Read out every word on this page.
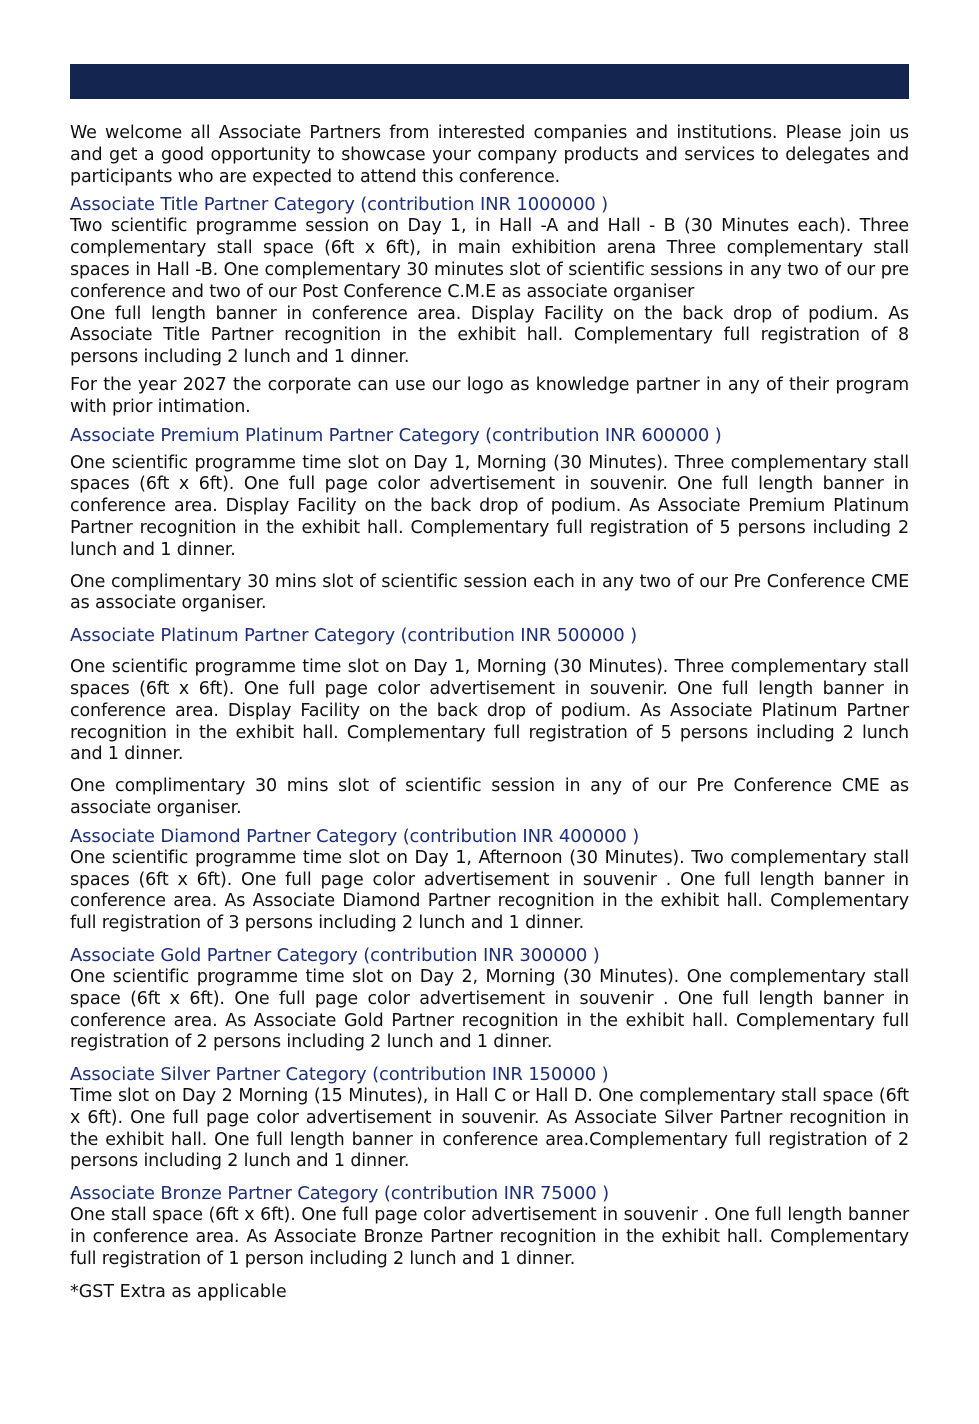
We welcome all Associate Partners from interested companies and institutions. Please join us and get a good opportunity to showcase your company products and services to delegates and participants who are expected to attend this conference.

Associate Title Partner Category (contribution INR 1000000 )

Two scientific programme session on Day 1, in Hall -A and Hall - B (30 Minutes each). Three complementary stall space (6ft x 6ft), in main exhibition arena Three complementary stall spaces in Hall -B. One complementary 30 minutes slot of scientific sessions in any two of our pre conference and two of our Post Conference C.M.E as associate organiser

One full length banner in conference area. Display Facility on the back drop of podium. As Associate Title Partner recognition in the exhibit hall. Complementary full registration of 8 persons including 2 lunch and 1 dinner.

For the year 2027 the corporate can use our logo as knowledge partner in any of their program with prior intimation.

Associate Premium Platinum Partner Category (contribution INR 600000 )

One scientific programme time slot on Day 1, Morning (30 Minutes). Three complementary stall spaces (6ft x 6ft). One full page color advertisement in souvenir. One full length banner in conference area. Display Facility on the back drop of podium. As Associate Premium Platinum Partner recognition in the exhibit hall. Complementary full registration of 5 persons including 2 lunch and 1 dinner.

One complimentary 30 mins slot of scientific session each in any two of our Pre Conference CME as associate organiser.

Associate Platinum Partner Category (contribution INR 500000 )

One scientific programme time slot on Day 1, Morning (30 Minutes). Three complementary stall spaces (6ft x 6ft). One full page color advertisement in souvenir. One full length banner in conference area. Display Facility on the back drop of podium. As Associate Platinum Partner recognition in the exhibit hall. Complementary full registration of 5 persons including 2 lunch and 1 dinner.

One complimentary 30 mins slot of scientific session in any of our Pre Conference CME as associate organiser.

Associate Diamond Partner Category (contribution INR 400000 )

One scientific programme time slot on Day 1, Afternoon (30 Minutes). Two complementary stall spaces (6ft x 6ft). One full page color advertisement in souvenir . One full length banner in conference area. As Associate Diamond Partner recognition in the exhibit hall. Complementary full registration of 3 persons including 2 lunch and 1 dinner.

Associate Gold Partner Category (contribution INR 300000 )

One scientific programme time slot on Day 2, Morning (30 Minutes). One complementary stall space (6ft x 6ft). One full page color advertisement in souvenir . One full length banner in conference area. As Associate Gold Partner recognition in the exhibit hall. Complementary full registration of 2 persons including 2 lunch and 1 dinner.

Associate Silver Partner Category (contribution INR 150000 )

Time slot on Day 2 Morning (15 Minutes), in Hall C or Hall D. One complementary stall space (6ft x 6ft). One full page color advertisement in souvenir. As Associate Silver Partner recognition in the exhibit hall. One full length banner in conference area.Complementary full registration of 2 persons including 2 lunch and 1 dinner.

Associate Bronze Partner Category (contribution INR 75000 )

One stall space (6ft x 6ft). One full page color advertisement in souvenir . One full length banner in conference area. As Associate Bronze Partner recognition in the exhibit hall. Complementary full registration of 1 person including 2 lunch and 1 dinner.

*GST Extra as applicable
